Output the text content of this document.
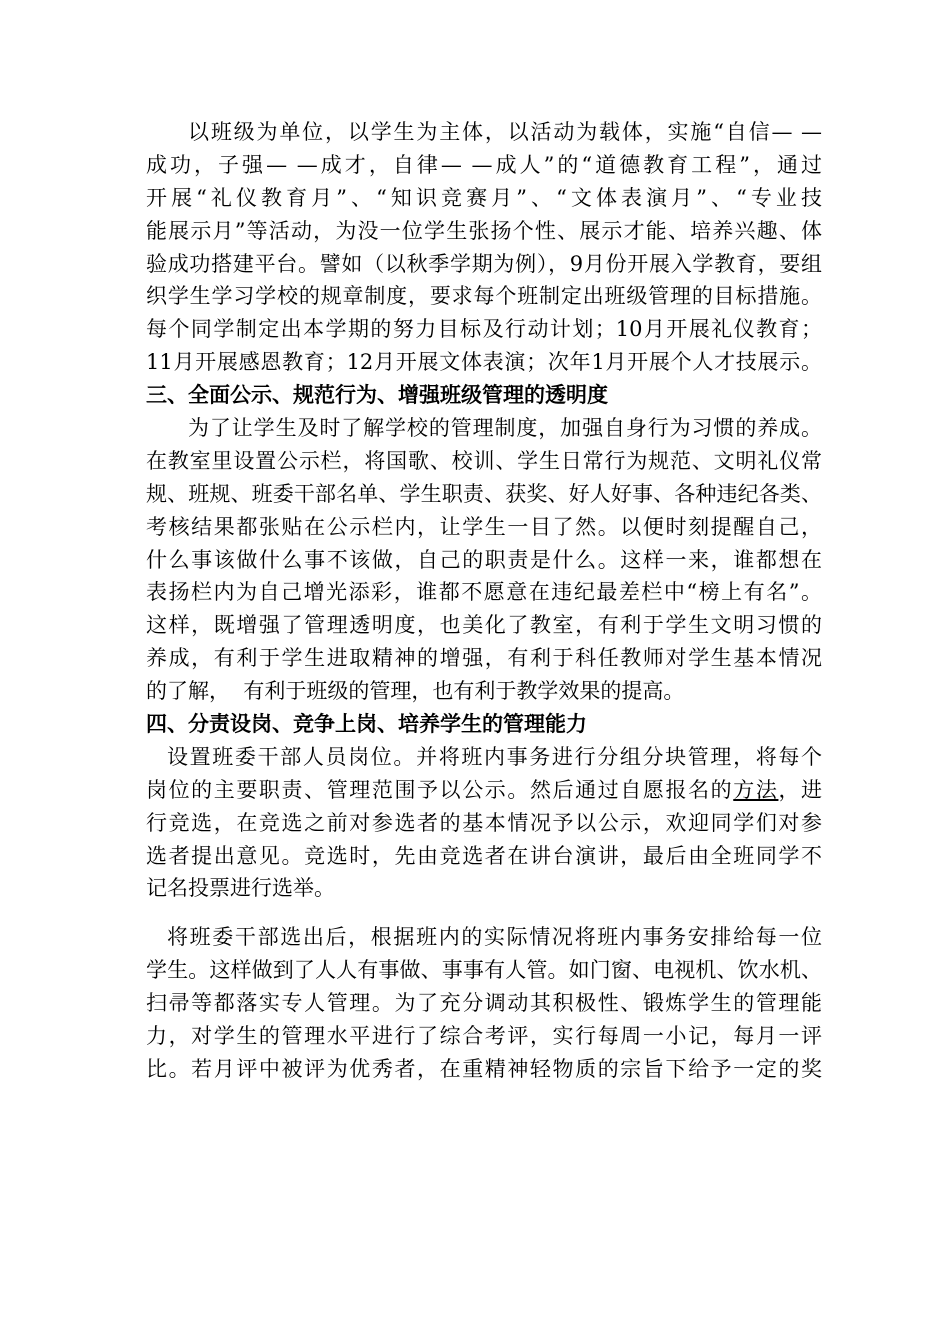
以班级为单位，以学生为主体，以活动为载体，实施“自信— —
成功，子强— —成才，自律— —成人”的“道德教育工程”，通过
开展“礼仪教育月”、“知识竞赛月”、“文体表演月”、“专业技
能展示月”等活动，为没一位学生张扬个性、展示才能、培养兴趣、体
验成功搭建平台。譬如（以秋季学期为例），9月份开展入学教育，要组
织学生学习学校的规章制度，要求每个班制定出班级管理的目标措施。
每个同学制定出本学期的努力目标及行动计划；10月开展礼仪教育；
11月开展感恩教育；12月开展文体表演；次年1月开展个人才技展示。
三、全面公示、规范行为、增强班级管理的透明度
为了让学生及时了解学校的管理制度，加强自身行为习惯的养成。
在教室里设置公示栏，将国歌、校训、学生日常行为规范、文明礼仪常
规、班规、班委干部名单、学生职责、获奖、好人好事、各种违纪各类、
考核结果都张贴在公示栏内，让学生一目了然。以便时刻提醒自己，
什么事该做什么事不该做，自己的职责是什么。这样一来，谁都想在
表扬栏内为自己增光添彩，谁都不愿意在违纪最差栏中“榜上有名”。
这样，既增强了管理透明度，也美化了教室，有利于学生文明习惯的
养成，有利于学生进取精神的增强，有利于科任教师对学生基本情况
的了解，  有利于班级的管理，也有利于教学效果的提高。
四、分责设岗、竞争上岗、培养学生的管理能力
设置班委干部人员岗位。并将班内事务进行分组分块管理，将每个
岗位的主要职责、管理范围予以公示。然后通过自愿报名的方法，进
行竞选，在竞选之前对参选者的基本情况予以公示，欢迎同学们对参
选者提出意见。竞选时，先由竞选者在讲台演讲，最后由全班同学不
记名投票进行选举。
将班委干部选出后，根据班内的实际情况将班内事务安排给每一位
学生。这样做到了人人有事做、事事有人管。如门窗、电视机、饮水机、
扫帚等都落实专人管理。为了充分调动其积极性、锻炼学生的管理能
力，对学生的管理水平进行了综合考评，实行每周一小记，每月一评
比。若月评中被评为优秀者，在重精神轻物质的宗旨下给予一定的奖
